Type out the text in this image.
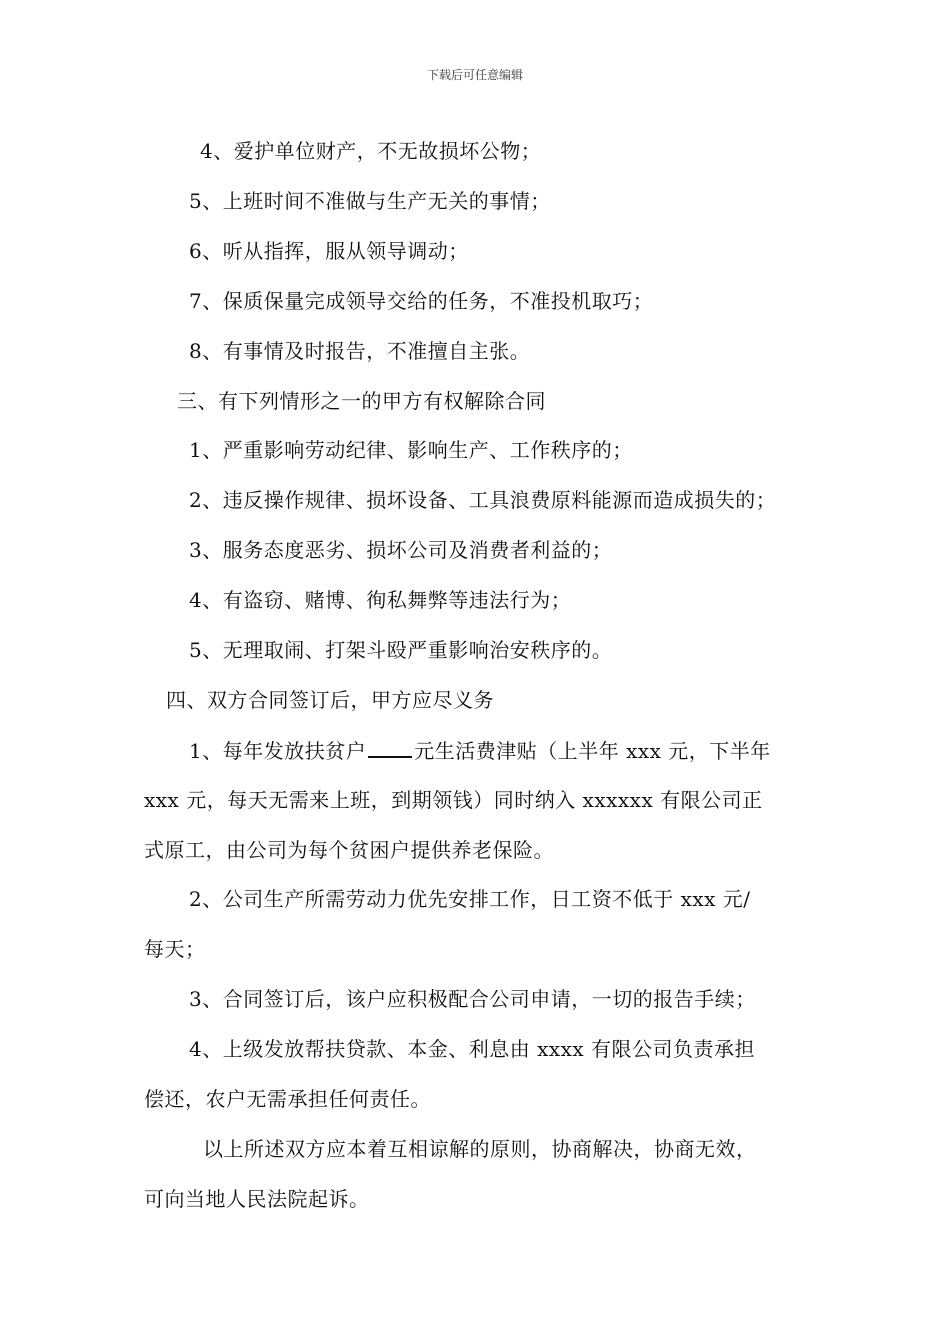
下载后可任意编辑
4、爱护单位财产，不无故损坏公物；
5、上班时间不准做与生产无关的事情；
6、听从指挥，服从领导调动；
7、保质保量完成领导交给的任务，不准投机取巧；
8、有事情及时报告，不准擅自主张。
三、有下列情形之一的甲方有权解除合同
1、严重影响劳动纪律、影响生产、工作秩序的；
2、违反操作规律、损坏设备、工具浪费原料能源而造成损失的；
3、服务态度恶劣、损坏公司及消费者利益的；
4、有盗窃、赌博、徇私舞弊等违法行为；
5、无理取闹、打架斗殴严重影响治安秩序的。
四、双方合同签订后，甲方应尽义务
1、每年发放扶贫户 元生活费津贴（上半年 xxx 元，下半年
xxx 元，每天无需来上班，到期领钱）同时纳入 xxxxxx 有限公司正
式原工，由公司为每个贫困户提供养老保险。
2、公司生产所需劳动力优先安排工作，日工资不低于 xxx 元/
每天；
3、合同签订后，该户应积极配合公司申请，一切的报告手续；
4、上级发放帮扶贷款、本金、利息由 xxxx 有限公司负责承担
偿还，农户无需承担任何责任。
以上所述双方应本着互相谅解的原则，协商解决，协商无效，
可向当地人民法院起诉。
